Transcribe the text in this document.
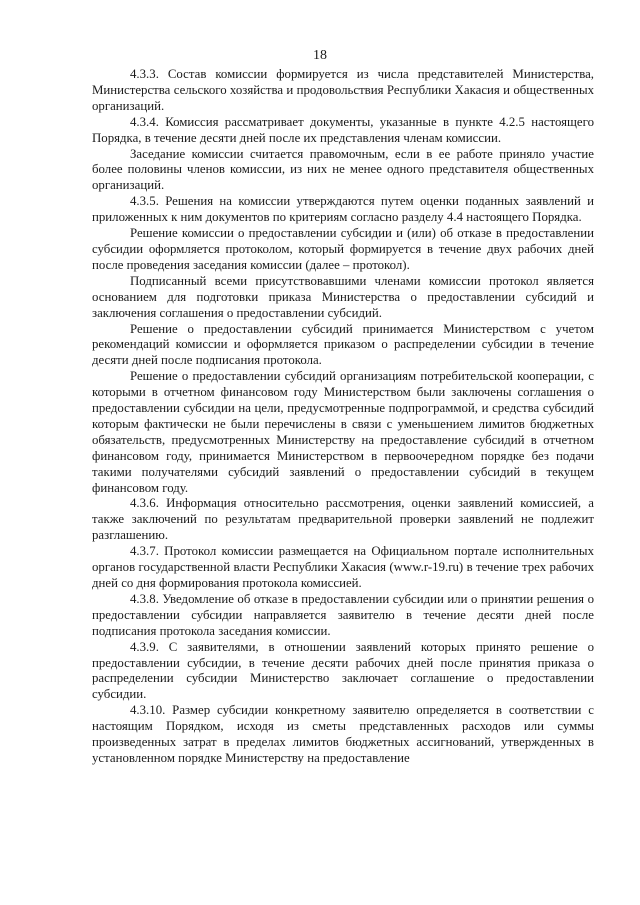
18

4.3.3. Состав комиссии формируется из числа представителей Министерства, Министерства сельского хозяйства и продовольствия Республики Хакасия и общественных организаций.

4.3.4. Комиссия рассматривает документы, указанные в пункте 4.2.5 настоящего Порядка, в течение десяти дней после их представления членам комиссии.

Заседание комиссии считается правомочным, если в ее работе приняло участие более половины членов комиссии, из них не менее одного представителя общественных организаций.

4.3.5. Решения на комиссии утверждаются путем оценки поданных заявлений и приложенных к ним документов по критериям согласно разделу 4.4 настоящего Порядка.

Решение комиссии о предоставлении субсидии и (или) об отказе в предоставлении субсидии оформляется протоколом, который формируется в течение двух рабочих дней после проведения заседания комиссии (далее – протокол).

Подписанный всеми присутствовавшими членами комиссии протокол является основанием для подготовки приказа Министерства о предоставлении субсидий и заключения соглашения о предоставлении субсидий.

Решение о предоставлении субсидий принимается Министерством с учетом рекомендаций комиссии и оформляется приказом о распределении субсидии в течение десяти дней после подписания протокола.

Решение о предоставлении субсидий организациям потребительской кооперации, с которыми в отчетном финансовом году Министерством были заключены соглашения о предоставлении субсидии на цели, предусмотренные подпрограммой, и средства субсидий которым фактически не были перечислены в связи с уменьшением лимитов бюджетных обязательств, предусмотренных Министерству на предоставление субсидий в отчетном финансовом году, принимается Министерством в первоочередном порядке без подачи такими получателями субсидий заявлений о предоставлении субсидий в текущем финансовом году.

4.3.6. Информация относительно рассмотрения, оценки заявлений комиссией, а также заключений по результатам предварительной проверки заявлений не подлежит разглашению.

4.3.7. Протокол комиссии размещается на Официальном портале исполнительных органов государственной власти Республики Хакасия (www.r-19.ru) в течение трех рабочих дней со дня формирования протокола комиссией.

4.3.8. Уведомление об отказе в предоставлении субсидии или о принятии решения о предоставлении субсидии направляется заявителю в течение десяти дней после подписания протокола заседания комиссии.

4.3.9. С заявителями, в отношении заявлений которых принято решение о предоставлении субсидии, в течение десяти рабочих дней после принятия приказа о распределении субсидии Министерство заключает соглашение о предоставлении субсидии.

4.3.10. Размер субсидии конкретному заявителю определяется в соответствии с настоящим Порядком, исходя из сметы представленных расходов или суммы произведенных затрат в пределах лимитов бюджетных ассигнований, утвержденных в установленном порядке Министерству на предоставление
